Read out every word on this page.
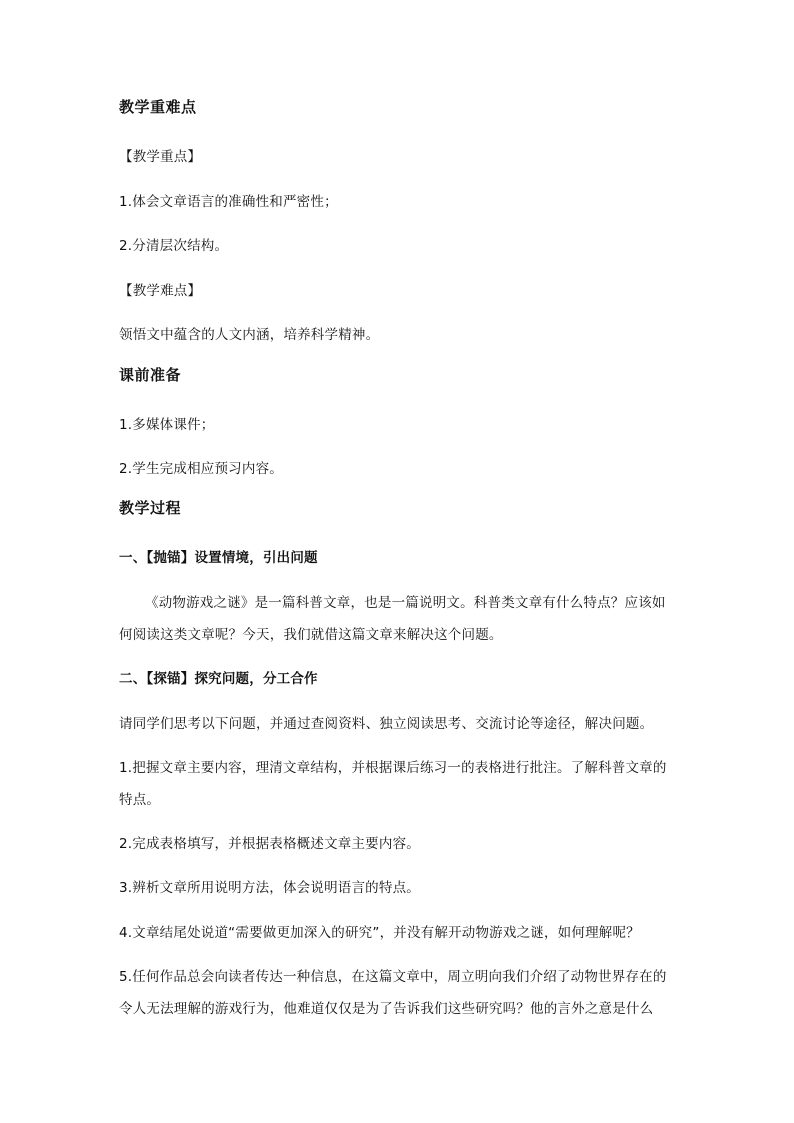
教学重难点
【教学重点】
1.体会文章语言的准确性和严密性；
2.分清层次结构。
【教学难点】
领悟文中蕴含的人文内涵，培养科学精神。
课前准备
1.多媒体课件；
2.学生完成相应预习内容。
教学过程
一、【抛锚】设置情境，引出问题
《动物游戏之谜》是一篇科普文章，也是一篇说明文。科普类文章有什么特点？应该如
何阅读这类文章呢？今天，我们就借这篇文章来解决这个问题。
二、【探锚】探究问题，分工合作
请同学们思考以下问题，并通过查阅资料、独立阅读思考、交流讨论等途径，解决问题。
1.把握文章主要内容，理清文章结构，并根据课后练习一的表格进行批注。了解科普文章的
特点。
2.完成表格填写，并根据表格概述文章主要内容。
3.辨析文章所用说明方法，体会说明语言的特点。
4.文章结尾处说道“需要做更加深入的研究”，并没有解开动物游戏之谜，如何理解呢？
5.任何作品总会向读者传达一种信息，在这篇文章中，周立明向我们介绍了动物世界存在的
令人无法理解的游戏行为，他难道仅仅是为了告诉我们这些研究吗？他的言外之意是什么
